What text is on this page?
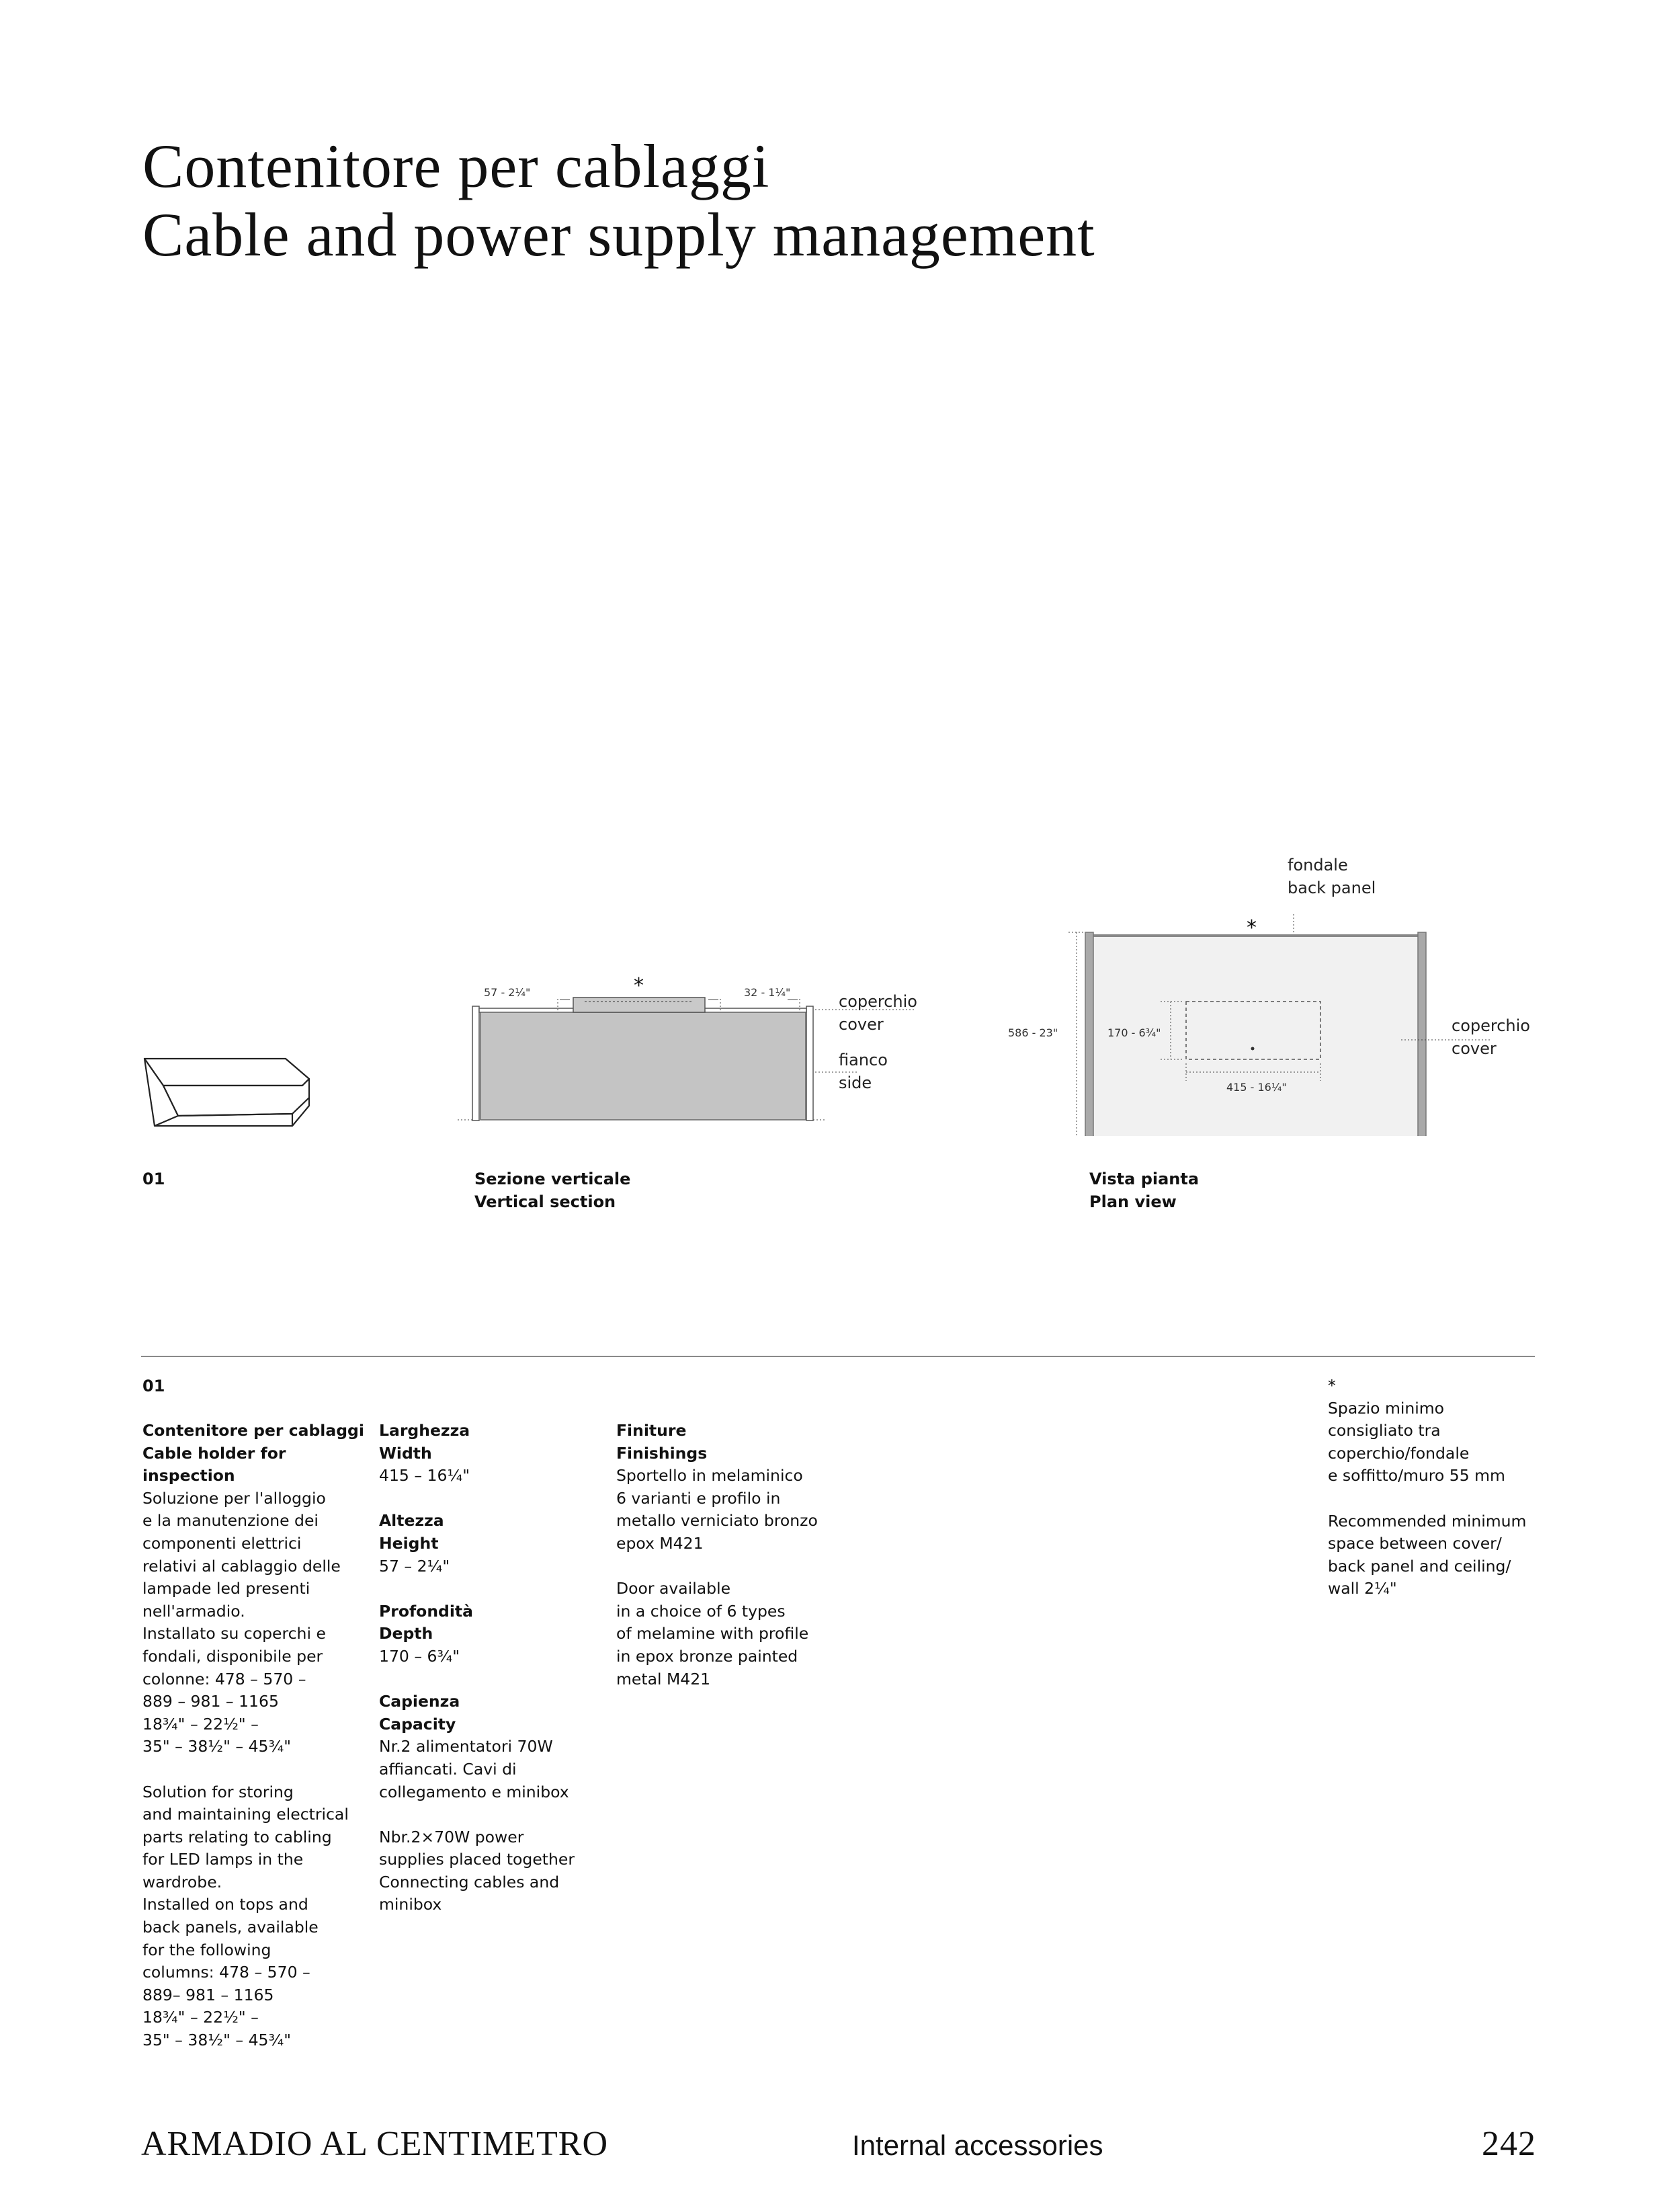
Contenitore per cablaggi
Cable and power supply management
01
57 - 2¼"	32 - 1¼"
*
coperchio
cover
fianco
side
Sezione verticale
Vertical section
586 - 23"	170 - 6¾"
415 - 16¼"
*
fondale
back panel
coperchio
cover
Vista pianta
Plan view
01

Contenitore per cablaggi

Cable holder for

inspection

Soluzione per l'alloggio

e la manutenzione dei

componenti elettrici

relativi al cablaggio delle

lampade led presenti

nell'armadio.

Installato su coperchi e

fondali, disponibile per

colonne: 478 – 570 –

889 – 981 – 1165

18¾" – 22½" –

35" – 38½" – 45¾"

Solution for storing

and maintaining electrical

parts relating to cabling

for LED lamps in the

wardrobe.

Installed on tops and

back panels, available

for the following

columns: 478 – 570 –

889– 981 – 1165

18¾" – 22½" –

35" – 38½" – 45¾"

Larghezza

Width

415 – 16¼"

Altezza

Height

57 – 2¼"

Profondità

Depth

170 – 6¾"

Capienza

Capacity

Nr.2 alimentatori 70W

affiancati. Cavi di

collegamento e minibox

Nbr.2×70W power

supplies placed together

Connecting cables and

minibox

Finiture

Finishings

Sportello in melaminico

6 varianti e profilo in

metallo verniciato bronzo

epox M421

Door available

in a choice of 6 types

of melamine with profile

in epox bronze painted

metal M421

*

Spazio minimo

consigliato tra

coperchio/fondale

e soffitto/muro 55 mm

Recommended minimum

space between cover/

back panel and ceiling/

wall 2¼"

ARMADIO AL CENTIMETRO	Internal accessories	242
